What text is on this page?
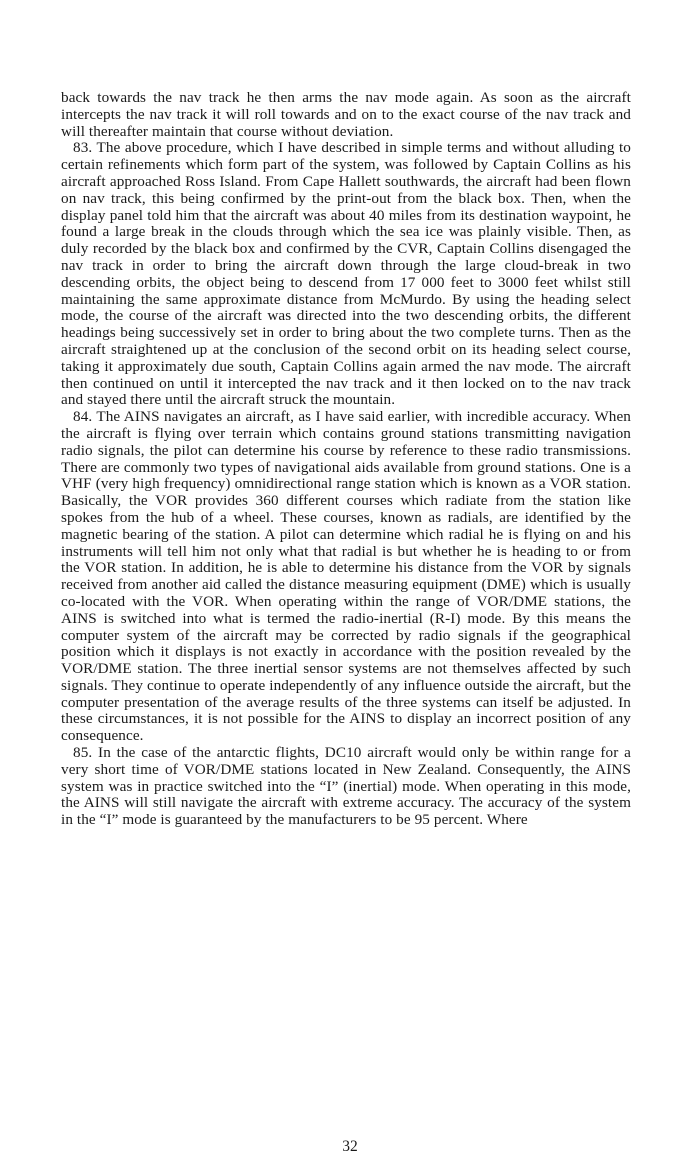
back towards the nav track he then arms the nav mode again. As soon as the aircraft intercepts the nav track it will roll towards and on to the exact course of the nav track and will thereafter maintain that course without deviation.

83. The above procedure, which I have described in simple terms and without alluding to certain refinements which form part of the system, was followed by Captain Collins as his aircraft approached Ross Island. From Cape Hallett southwards, the aircraft had been flown on nav track, this being confirmed by the print-out from the black box. Then, when the display panel told him that the aircraft was about 40 miles from its destination waypoint, he found a large break in the clouds through which the sea ice was plainly visible. Then, as duly recorded by the black box and confirmed by the CVR, Captain Collins disengaged the nav track in order to bring the aircraft down through the large cloud-break in two descending orbits, the object being to descend from 17 000 feet to 3000 feet whilst still maintaining the same approximate distance from McMurdo. By using the heading select mode, the course of the aircraft was directed into the two descending orbits, the different headings being successively set in order to bring about the two complete turns. Then as the aircraft straightened up at the conclusion of the second orbit on its heading select course, taking it approximately due south, Captain Collins again armed the nav mode. The aircraft then continued on until it intercepted the nav track and it then locked on to the nav track and stayed there until the aircraft struck the mountain.

84. The AINS navigates an aircraft, as I have said earlier, with incredible accuracy. When the aircraft is flying over terrain which contains ground stations transmitting navigation radio signals, the pilot can determine his course by reference to these radio transmissions. There are commonly two types of navigational aids available from ground stations. One is a VHF (very high frequency) omnidirectional range station which is known as a VOR station. Basically, the VOR provides 360 different courses which radiate from the station like spokes from the hub of a wheel. These courses, known as radials, are identified by the magnetic bearing of the station. A pilot can determine which radial he is flying on and his instruments will tell him not only what that radial is but whether he is heading to or from the VOR station. In addition, he is able to determine his distance from the VOR by signals received from another aid called the distance measuring equipment (DME) which is usually co-located with the VOR. When operating within the range of VOR/DME stations, the AINS is switched into what is termed the radio-inertial (R-I) mode. By this means the computer system of the aircraft may be corrected by radio signals if the geographical position which it displays is not exactly in accordance with the position revealed by the VOR/DME station. The three inertial sensor systems are not themselves affected by such signals. They continue to operate independently of any influence outside the aircraft, but the computer presentation of the average results of the three systems can itself be adjusted. In these circumstances, it is not possible for the AINS to display an incorrect position of any consequence.

85. In the case of the antarctic flights, DC10 aircraft would only be within range for a very short time of VOR/DME stations located in New Zealand. Consequently, the AINS system was in practice switched into the “I” (inertial) mode. When operating in this mode, the AINS will still navigate the aircraft with extreme accuracy. The accuracy of the system in the “I” mode is guaranteed by the manufacturers to be 95 percent. Where

32
